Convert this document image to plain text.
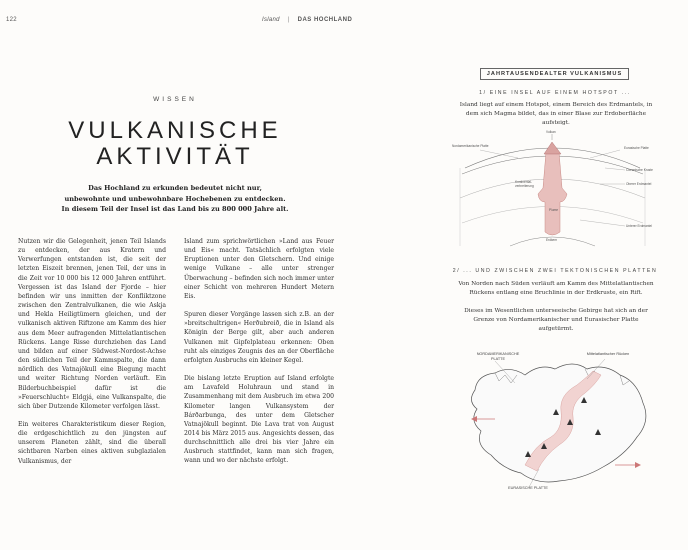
122	Island | DAS HOCHLAND
WISSEN
VULKANISCHE
AKTIVITÄT
Das Hochland zu erkunden bedeutet nicht nur,
unbewohnte und unbewohnbare Hochebenen zu entdecken.
In diesem Teil der Insel ist das Land bis zu 800 000 Jahre alt.

Nutzen wir die Gelegenheit, jenen Teil Islands zu entdecken, der aus Kratern und Verwerfungen entstanden ist, die seit der letzten Eiszeit brennen, jenen Teil, der uns in die Zeit vor 10 000 bis 12 000 Jahren entführt. Vergessen ist das Island der Fjorde – hier befinden wir uns inmitten der Konfliktzone zwischen den Zentralvulkanen, die wie Askja und Hekla Heiligtümern gleichen, und der vulkanisch aktiven Riftzone am Kamm des hier aus dem Meer aufragenden Mittelatlantischen Rückens. Lange Risse durchziehen das Land und bilden auf einer Südwest-Nordost-Achse den südlichen Teil der Kammspalte, die dann nördlich des Vatnajökull eine Biegung macht und weiter Richtung Norden verläuft. Ein Bilderbuchbeispiel dafür ist die »Feuerschlucht« Eldgjá, eine Vulkanspalte, die sich über Dutzende Kilometer verfolgen lässt.

Ein weiteres Charakteristikum dieser Region, die erdgeschichtlich zu den jüngsten auf unserem Planeten zählt, sind die überall sichtbaren Narben eines aktiven subglazialen Vulkanismus, der

Island zum sprichwörtlichen »Land aus Feuer und Eis« macht. Tatsächlich erfolgten viele Eruptionen unter den Gletschern. Und einige wenige Vulkane – alle unter strenger Überwachung – befinden sich noch immer unter einer Schicht von mehreren Hundert Metern Eis.

Spuren dieser Vorgänge lassen sich z.B. an der »breitschultrigen« Herðubreið, die in Island als Königin der Berge gilt, aber auch anderen Vulkanen mit Gipfelplateau erkennen: Oben ruht als einziges Zeugnis des an der Oberfläche erfolgten Ausbruchs ein kleiner Kegel.

Die bislang letzte Eruption auf Island erfolgte am Lavafeld Holuhraun und stand in Zusammenhang mit dem Ausbruch im etwa 200 Kilometer langen Vulkansystem der Bárðarbunga, des unter dem Gletscher Vatnajökull beginnt. Die Lava trat von August 2014 bis März 2015 aus. Angesichts dessen, das durchschnittlich alle drei bis vier Jahre ein Ausbruch stattfindet, kann man sich fragen, wann und wo der nächste erfolgt.

JAHRTAUSENDEALTER VULKANISMUS
1/ EINE INSEL AUF EINEM HOTSPOT ...
Island liegt auf einem Hotspot, einem Bereich des Erdmantels, in dem sich Magma bildet, das in einer Blase zur Erdoberfläche aufsteigt.
Vulkan
Nordamerikanische Platte	Eurasische Platte
Ozeanische Kruste
Oberer Erdmantel
Kontinental-verbreiterung
Plume
Unterer Erdmantel
Erdkern
2/ ... UND ZWISCHEN ZWEI TEKTONISCHEN PLATTEN
Von Norden nach Süden verläuft am Kamm des Mittelatlantischen Rückens entlang eine Bruchlinie in der Erdkruste, ein Rift.
Dieses im Wesentlichen unterseeische Gebirge hat sich an der Grenze von Nordamerikanischer und Eurasischer Platte aufgetürmt.
NORDAMERIKANISCHE PLATTE
Mittelatlantischer Rücken
EURASISCHE PLATTE
